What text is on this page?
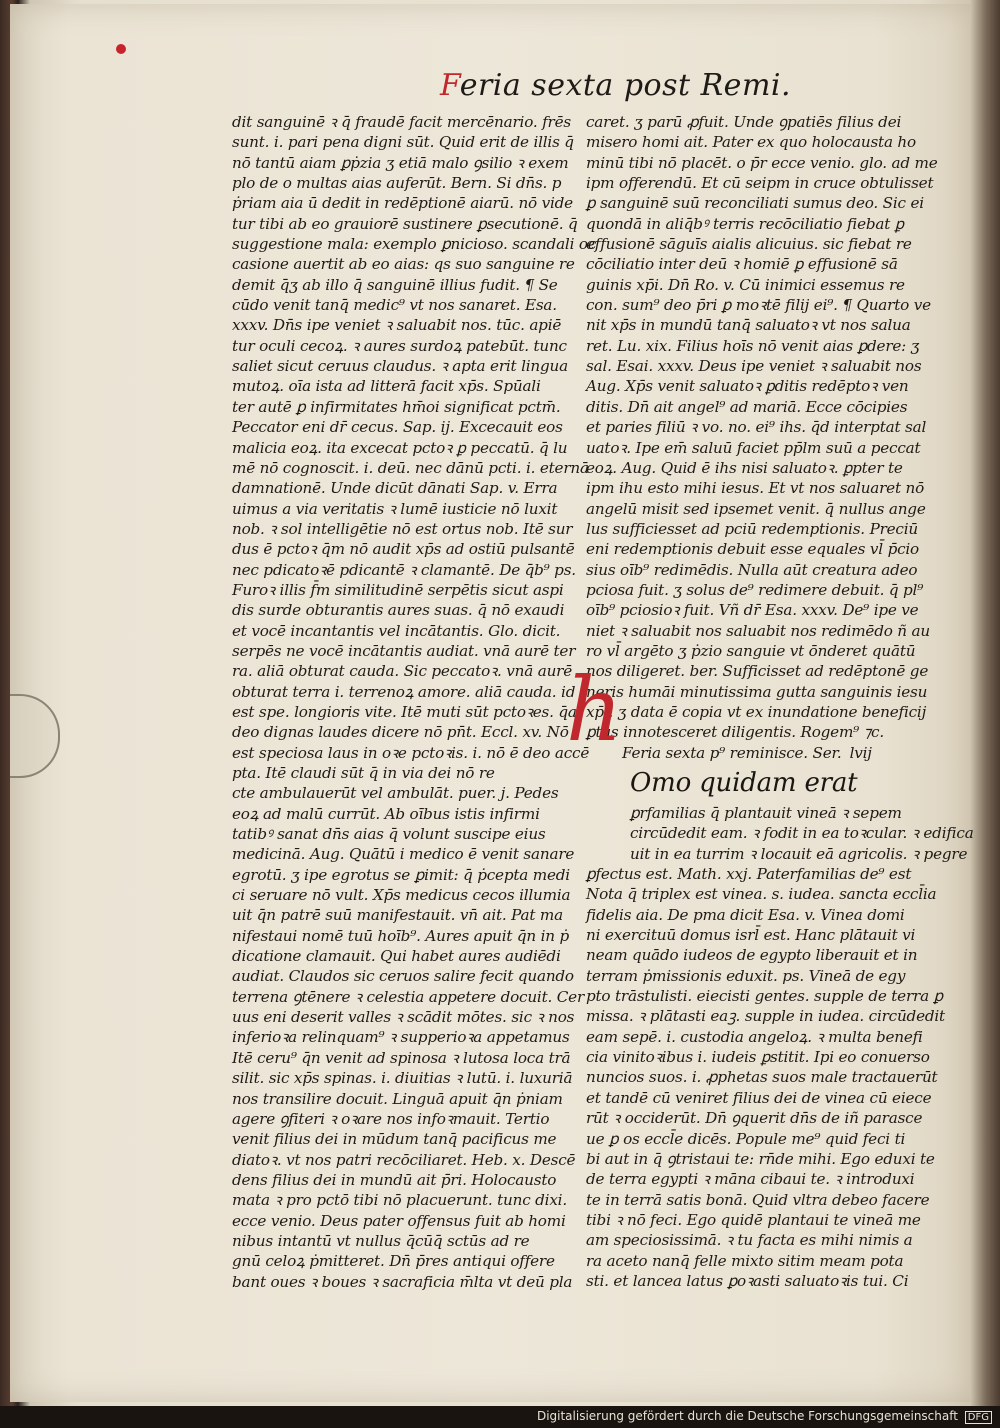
Feria sexta post Remi.
dit sanguinē ꝛ q̄ fraudē facit mercēnario. frēs
sunt. i. pari pena digni sūt. Quid erit de illis q̄
nō tantū aiam ꝑṗzia ʒ etiā malo ꝯsilio ꝛ exem
plo de o multas aias auferūt. Bern. Si dn̄s. p
ṗriam aia ū dedit in redēptionē aiarū. nō vide
tur tibi ab eo grauiorē sustinere ꝑsecutionē. q̄
suggestione mala: exemplo ꝑnicioso. scandali oc
casione auertit ab eo aias: qs suo sanguine re
demit q̄ʒ ab illo q̄ sanguinē illius fudit. ¶ Se
cūdo venit tanq̄ medic⁹ vt nos sanaret. Esa.
xxxv. Dn̄s ipe veniet ꝛ saluabit nos. tūc. apiē
tur oculi cecoꝝ. ꝛ aures surdoꝝ patebūt. tunc
saliet sicut ceruus claudus. ꝛ apta erit lingua
mutoꝝ. oīa ista ad litterā facit xp̄s. Spūali
ter autē ꝑ infirmitates hm̄oi significat pctm̄.
Peccator eni dr̄ cecus. Sap. ij. Excecauit eos
malicia eoꝝ. ita excecat pctoꝛ ꝑ peccatū. q̄ lu
mē nō cognoscit. i. deū. nec dānū pcti. i. eternā
damnationē. Unde dicūt dānati Sap. v. Erra
uimus a via veritatis ꝛ lumē iusticie nō luxit
nob. ꝛ sol intelligētie nō est ortus nob. Itē sur
dus ē pctoꝛ q̄m nō audit xp̄s ad ostiū pulsantē
nec pdicatoꝛē pdicantē ꝛ clamantē. De q̄b⁹ ps.
Furoꝛ illis f̄m similitudinē serpētis sicut aspi
dis surde obturantis aures suas. q̄ nō exaudi
et vocē incantantis vel incātantis. Glo. dicit.
serpēs ne vocē incātantis audiat. vnā aurē ter
ra. aliā obturat cauda. Sic peccatoꝛ. vnā aurē
obturat terra i. terrenoꝝ amore. aliā cauda. id
est spe. longioris vite. Itē muti sūt pctoꝛes. q̄a
deo dignas laudes dicere nō pn̄t. Eccl. xv. Nō
est speciosa laus in oꝛe pctoꝛis. i. nō ē deo accē
pta. Itē claudi sūt q̄ in via dei nō re
cte ambulauerūt vel ambulāt. puer. j. Pedes
eoꝝ ad malū currūt. Ab oībus istis infirmi
tatibꝰ sanat dn̄s aias q̄ volunt suscipe eius
medicinā. Aug. Quātū i medico ē venit sanare
egrotū. ʒ ipe egrotus se ꝑimit: q̄ ṗcepta medi
ci seruare nō vult. Xp̄s medicus cecos illumia
uit q̄n patrē suū manifestauit. vn̄ ait. Pat ma
nifestaui nomē tuū hoīb⁹. Aures apuit q̄n in ṗ
dicatione clamauit. Qui habet aures audiēdi
audiat. Claudos sic ceruos salire fecit quando
terrena ꝯtēnere ꝛ celestia appetere docuit. Cer
uus eni deserit valles ꝛ scādit mōtes. sic ꝛ nos
inferioꝛa relinquam⁹ ꝛ supperioꝛa appetamus
Itē ceru⁹ q̄n venit ad spinosa ꝛ lutosa loca trā
silit. sic xp̄s spinas. i. diuitias ꝛ lutū. i. luxuriā
nos transilire docuit. Linguā apuit q̄n ṗniam
agere ꝯfiteri ꝛ oꝛare nos infoꝛmauit. Tertio
venit filius dei in mūdum tanq̄ pacificus me
diatoꝛ. vt nos patri recōciliaret. Heb. x. Descē
dens filius dei in mundū ait p̄ri. Holocausto
mata ꝛ pro pctō tibi nō placuerunt. tunc dixi.
ecce venio. Deus pater offensus fuit ab homi
nibus intantū vt nullus q̄cūq̄ sctūs ad re
gnū celoꝝ ṗmitteret. Dn̄ p̄res antiqui offere
bant oues ꝛ boues ꝛ sacraficia m̄lta vt deū pla
caret. ʒ parū ꝓfuit. Unde ꝯpatiēs filius dei
misero homi ait. Pater ex quo holocausta ho
minū tibi nō placēt. o p̄r ecce venio. glo. ad me
ipm offerendū. Et cū seipm in cruce obtulisset
ꝑ sanguinē suū reconciliati sumus deo. Sic ei
quondā in aliq̄bꝰ terris recōciliatio fiebat ꝑ
effusionē sāguīs aialis alicuius. sic fiebat re
cōciliatio inter deū ꝛ homiē ꝑ effusionē sā
guinis xp̄i. Dn̄ Ro. v. Cū inimici essemus re
con. sum⁹ deo p̄ri ꝑ moꝛtē filij ei⁹. ¶ Quarto ve
nit xp̄s in mundū tanq̄ saluatoꝛ vt nos salua
ret. Lu. xix. Filius hoīs nō venit aias ꝑdere: ʒ
sal. Esai. xxxv. Deus ipe veniet ꝛ saluabit nos
Aug. Xp̄s venit saluatoꝛ ꝑditis redēptoꝛ ven
ditis. Dn̄ ait angel⁹ ad mariā. Ecce cōcipies
et paries filiū ꝛ vo. no. ei⁹ ihs. q̄d interptat sal
uatoꝛ. Ipe em̄ saluū faciet pp̄lm suū a peccat
eoꝝ. Aug. Quid ē ihs nisi saluatoꝛ. ꝑpter te
ipm ihu esto mihi iesus. Et vt nos saluaret nō
angelū misit sed ipsemet venit. q̄ nullus ange
lus sufficiesset ad pciū redemptionis. Preciū
eni redemptionis debuit esse equales vl̄ p̄cio
sius oīb⁹ redimēdis. Nulla aūt creatura adeo
pciosa fuit. ʒ solus de⁹ redimere debuit. q̄ pl⁹
oīb⁹ pciosioꝛ fuit. Vñ dr̄ Esa. xxxv. De⁹ ipe ve
niet ꝛ saluabit nos saluabit nos redimēdo ñ au
ro vl̄ argēto ʒ ṗzio sanguie vt ōnderet quātū
nos diligeret. ber. Sufficisset ad redēptonē ge
neris humāi minutissima gutta sanguinis iesu
xp̄i. ʒ data ē copia vt ex inundatione beneficij
ꝑtus innotesceret diligentis. Rogem⁹ ⁊c.
Feria sexta p⁹ reminisce. Ser. lvij
Omo quidam erat
ꝑrfamilias q̄ plantauit vineā ꝛ sepem
circūdedit eam. ꝛ fodit in ea toꝛcular. ꝛ edifica
uit in ea turrim ꝛ locauit eā agricolis. ꝛ pegre
ꝑfectus est. Math. xxj. Paterfamilias de⁹ est
Nota q̄ triplex est vinea. s. iudea. sancta eccl̄ia
fidelis aia. De pma dicit Esa. v. Vinea domi
ni exercituū domus isrl̄ est. Hanc plātauit vi
neam quādo iudeos de egypto liberauit et in
terram ṗmissionis eduxit. ps. Vineā de egy
pto trāstulisti. eiecisti gentes. supple de terra ꝑ
missa. ꝛ plātasti eaꝫ. supple in iudea. circūdedit
eam sepē. i. custodia angeloꝝ. ꝛ multa benefi
cia vinitoꝛibus i. iudeis ꝑstitit. Ipi eo conuerso
nuncios suos. i. ꝓphetas suos male tractauerūt
et tandē cū veniret filius dei de vinea cū eiece
rūt ꝛ occiderūt. Dn̄ ꝯquerit dn̄s de iñ parasce
ue ꝑ os eccl̄e dicēs. Popule me⁹ quid feci ti
bi aut in q̄ ꝯtristaui te: rn̄de mihi. Ego eduxi te
de terra egypti ꝛ māna cibaui te. ꝛ introduxi
te in terrā satis bonā. Quid vltra debeo facere
tibi ꝛ nō feci. Ego quidē plantaui te vineā me
am speciosissimā. ꝛ tu facta es mihi nimis a
ra aceto nanq̄ felle mixto sitim meam pota
sti. et lancea latus ꝑoꝛasti saluatoꝛis tui. Ci
h
Digitalisierung gefördert durch die Deutsche Forschungsgemeinschaft DFG
